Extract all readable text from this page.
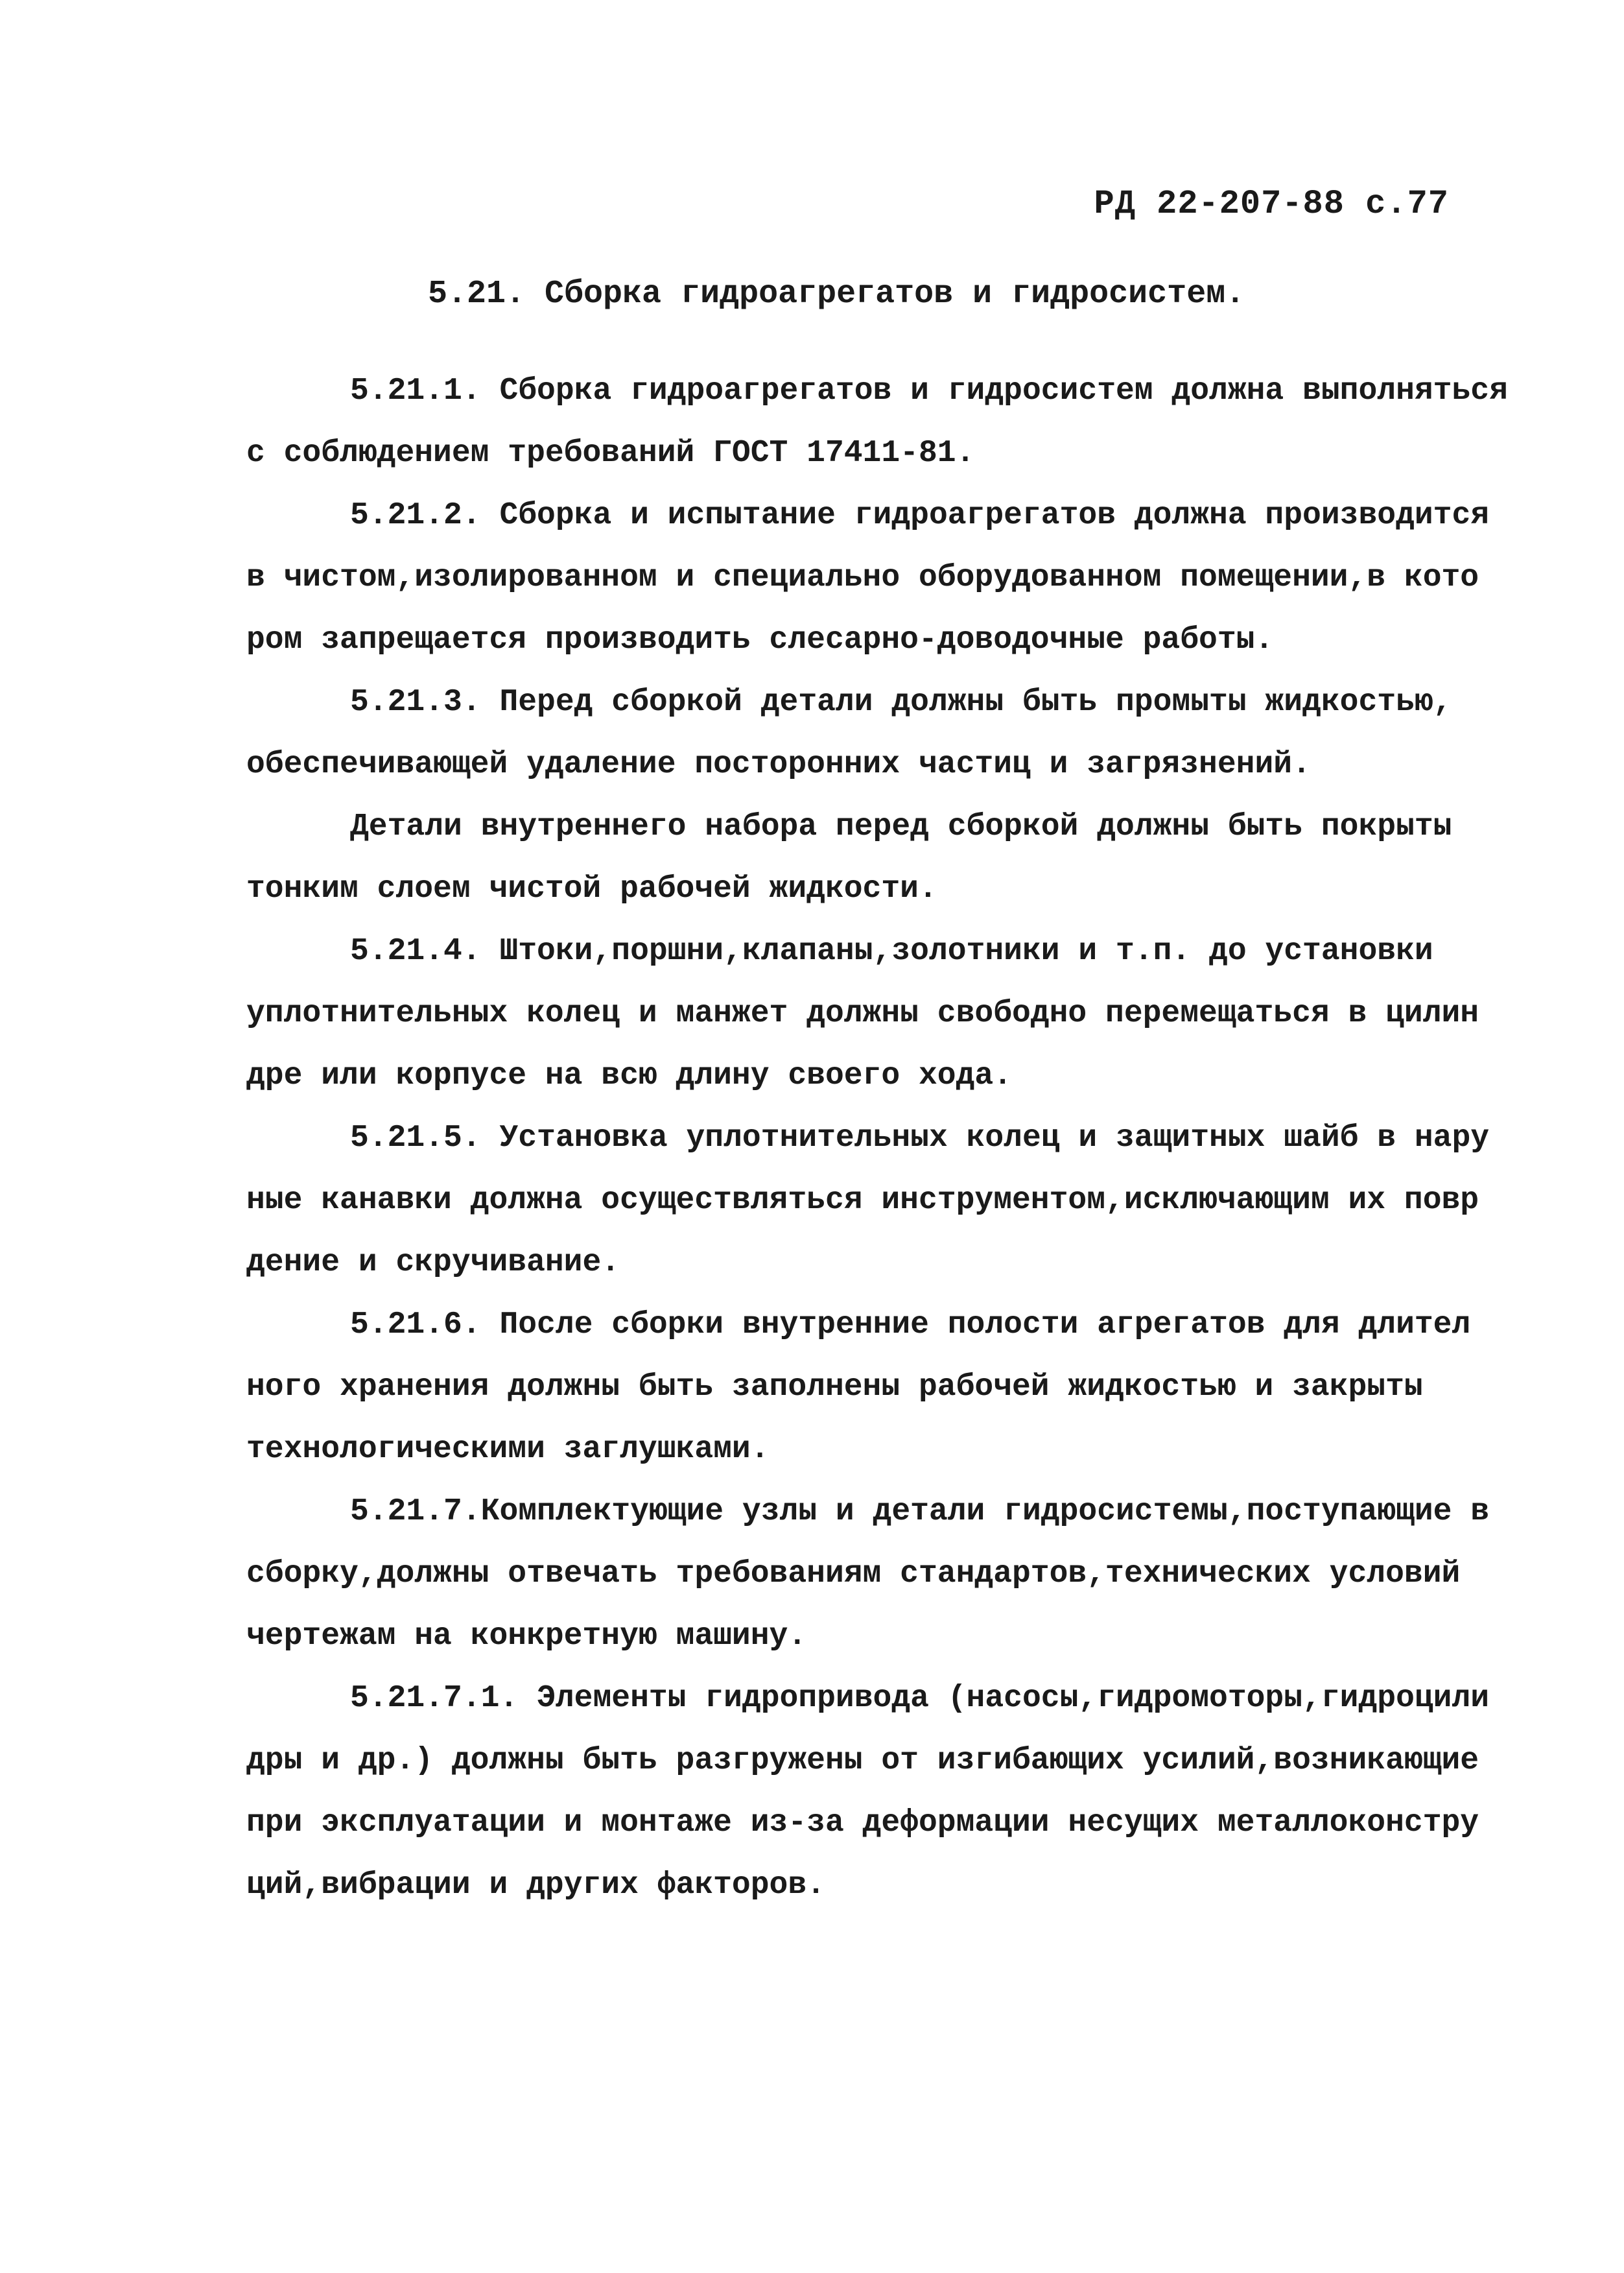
РД 22-207-88 с.77
5.21. Сборка гидроагрегатов и гидросистем.
5.21.1. Сборка гидроагрегатов и гидросистем должна выполняться
с соблюдением требований ГОСТ 17411-81.
5.21.2. Сборка и испытание гидроагрегатов должна производится
в чистом,изолированном и специально оборудованном помещении,в кото
ром запрещается производить слесарно-доводочные работы.
5.21.3. Перед сборкой детали должны быть промыты жидкостью,
обеспечивающей удаление посторонних частиц и загрязнений.
Детали внутреннего набора перед сборкой должны быть покрыты
тонким слоем чистой рабочей жидкости.
5.21.4. Штоки,поршни,клапаны,золотники и т.п. до установки
уплотнительных колец и манжет должны свободно перемещаться в цилин
дре или корпусе на всю длину своего хода.
5.21.5. Установка уплотнительных колец и защитных шайб в нару
ные канавки должна осуществляться инструментом,исключающим их повр
дение и скручивание.
5.21.6. После сборки внутренние полости агрегатов для длител
ного хранения должны быть заполнены рабочей жидкостью и закрыты
технологическими заглушками.
5.21.7.Комплектующие узлы и детали гидросистемы,поступающие в
сборку,должны отвечать требованиям стандартов,технических условий
чертежам на конкретную машину.
5.21.7.1. Элементы гидропривода (насосы,гидромоторы,гидроцили
дры и др.) должны быть разгружены от изгибающих усилий,возникающие
при эксплуатации и монтаже из-за деформации несущих металлоконстру
ций,вибрации и других факторов.
